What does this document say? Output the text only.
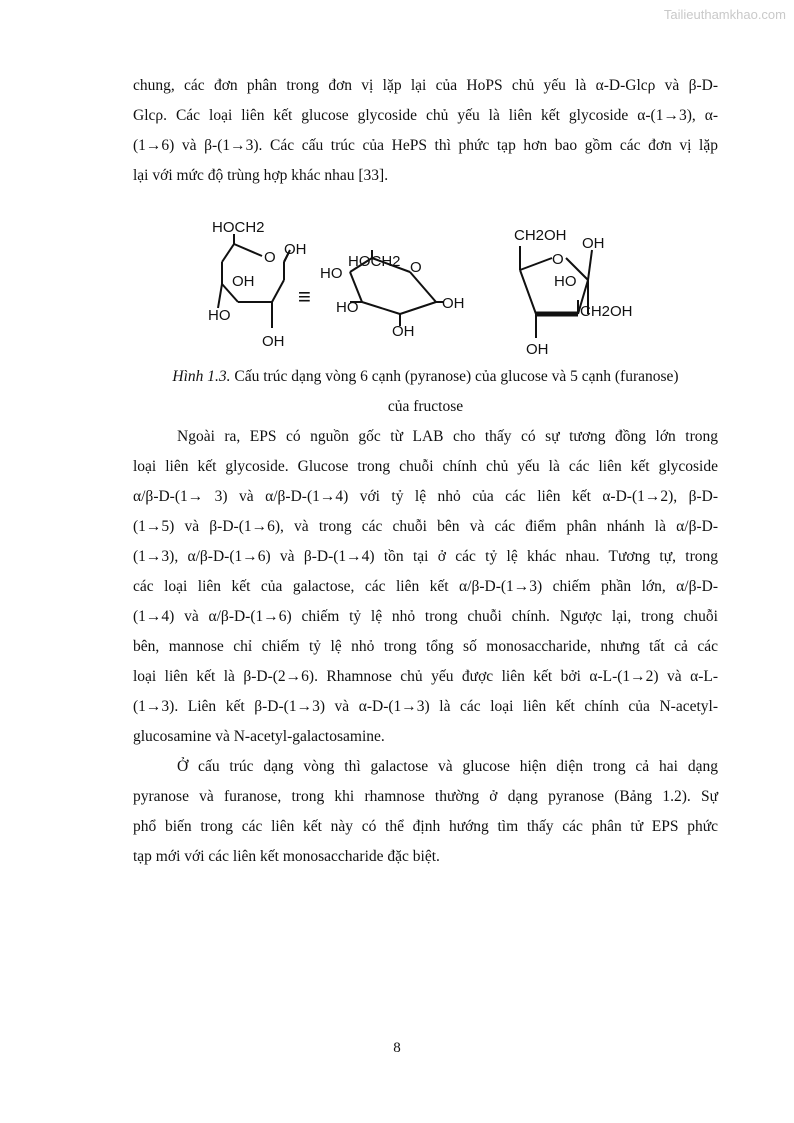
Tailieuthamkhao.com
chung, các đơn phân trong đơn vị lặp lại của HoPS chủ yếu là α-D-Glcρ và β-D-
Glcρ. Các loại liên kết glucose glycoside chủ yếu là liên kết glycoside α-(1→3), α-
(1→6) và β-(1→3). Các cấu trúc của HePS thì phức tạp hơn bao gồm các đơn vị lặp
lại với mức độ trùng hợp khác nhau [33].
HOCH2
O OH
OH
HO
OH
≡
HO
HOCH2 O
HO	OH
OH
CH2OH OH
O
HO
CH2OH
OH
Hình 1.3. Cấu trúc dạng vòng 6 cạnh (pyranose) của glucose và 5 cạnh (furanose)
của fructose
Ngoài ra, EPS có nguồn gốc từ LAB cho thấy có sự tương đồng lớn trong
loại liên kết glycoside. Glucose trong chuỗi chính chủ yếu là các liên kết glycoside
α/β-D-(1→ 3) và α/β-D-(1→4) với tỷ lệ nhỏ của các liên kết α-D-(1→2), β-D-
(1→5) và β-D-(1→6), và trong các chuỗi bên và các điểm phân nhánh là α/β-D-
(1→3), α/β-D-(1→6) và β-D-(1→4) tồn tại ở các tỷ lệ khác nhau. Tương tự, trong
các loại liên kết của galactose, các liên kết α/β-D-(1→3) chiếm phần lớn, α/β-D-
(1→4) và α/β-D-(1→6) chiếm tỷ lệ nhỏ trong chuỗi chính. Ngược lại, trong chuỗi
bên, mannose chỉ chiếm tỷ lệ nhỏ trong tổng số monosaccharide, nhưng tất cả các
loại liên kết là β-D-(2→6). Rhamnose chủ yếu được liên kết bởi α-L-(1→2) và α-L-
(1→3). Liên kết β-D-(1→3) và α-D-(1→3) là các loại liên kết chính của N-acetyl-
glucosamine và N-acetyl-galactosamine.
Ở cấu trúc dạng vòng thì galactose và glucose hiện diện trong cả hai dạng
pyranose và furanose, trong khi rhamnose thường ở dạng pyranose (Bảng 1.2). Sự
phổ biến trong các liên kết này có thể định hướng tìm thấy các phân tử EPS phức
tạp mới với các liên kết monosaccharide đặc biệt.
8
